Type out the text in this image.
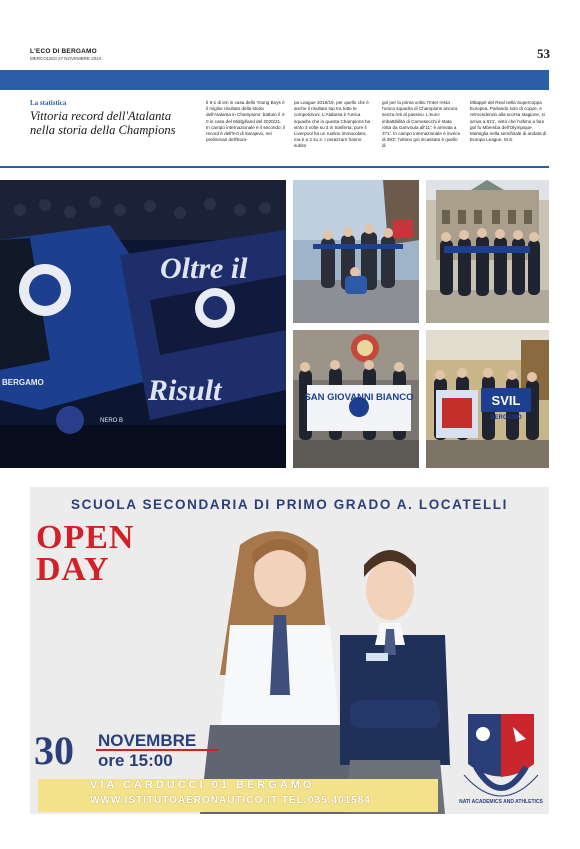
L'ECO DI BERGAMO
MERCOLEDÌ 27 NOVEMBRE 2024	53
La statistica
Vittoria record dell'Atalanta nella storia della Champions

Il 6-1 di ieri in casa dello Young Boys è il miglior risultato della storia dell'Atalanta in Champions: battuto il 4-0 in casa del Midtjylland del 2020/21. In campo internazionale è il secondo: il record è dell'8-0 di Sarajevo, nei preliminari dell'Euro-

pa League 2018/19, per quello che è anche il risultato top tra tutte le competizioni. L'Atalanta è l'unica squadra che in questa Champions ha vinto 3 volte su 3 in trasferta; pure il Liverpool ha un ruolino immacolato, ma è a 2 su 2. I nerazzurri hanno subito

gol per la prima volta: l'Inter resta l'unica squadra di Champions ancora senza reti al passivo. L'euro-imbattibilità di Carnesecchi è stata rotta da Ganvoula all'11': è arrivata a 371'. In campo internazionale è invece di 393': l'ultimo gol incassato è quello di

Mbappé del Real nella Supercoppa Europea. Parlando solo di coppe, e retrocedendo alla scorsa stagione, si arriva a 621', visto che l'ultimo a fare gol fu Mbemba dell'Olympique Marsiglia nella semifinale di andata di Europa League. M.S.

Oltre il
Risult
BERGAMO
NERO B
SAN GIOVANNI BIANCO	SVIL
BERGAMO
SCUOLA SECONDARIA DI PRIMO GRADO A. LOCATELLI
OPEN
DAY
30 NOVEMBRE
ore 15:00
VIA CARDUCCI 01 BERGAMO
WWW.ISTITUTOAERONAUTICO.IT TEL:035.401584	NATI ACADEMICS AND ATHLETICS
